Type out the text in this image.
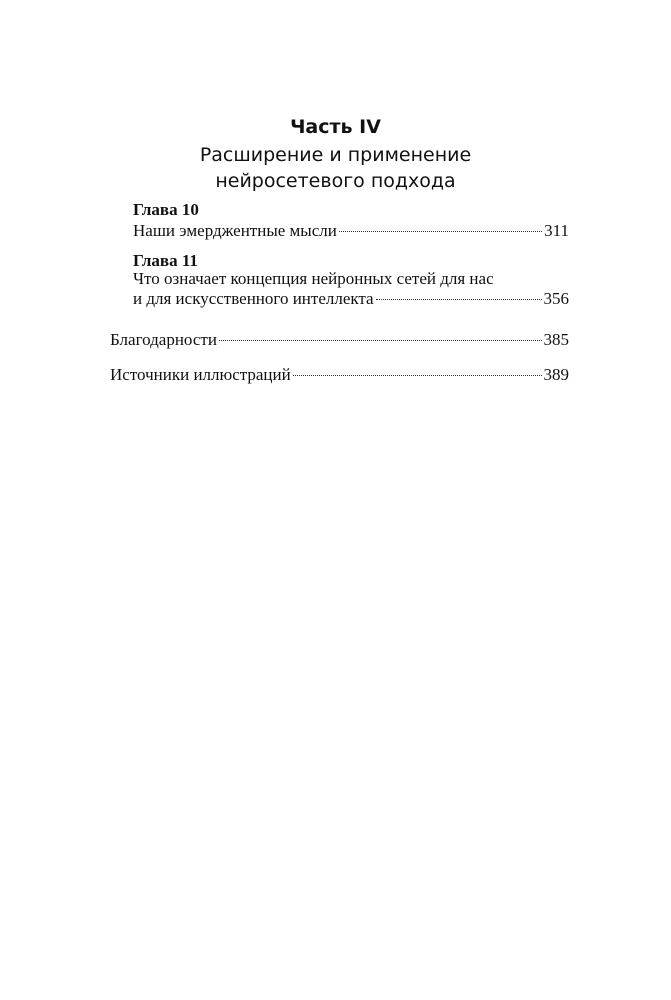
Часть IV
Расширение и применение
нейросетевого подхода
Глава 10
Наши эмерджентные мысли	311
Глава 11
Что означает концепция нейронных сетей для нас
и для искусственного интеллекта	356
Благодарности	385
Источники иллюстраций	389
